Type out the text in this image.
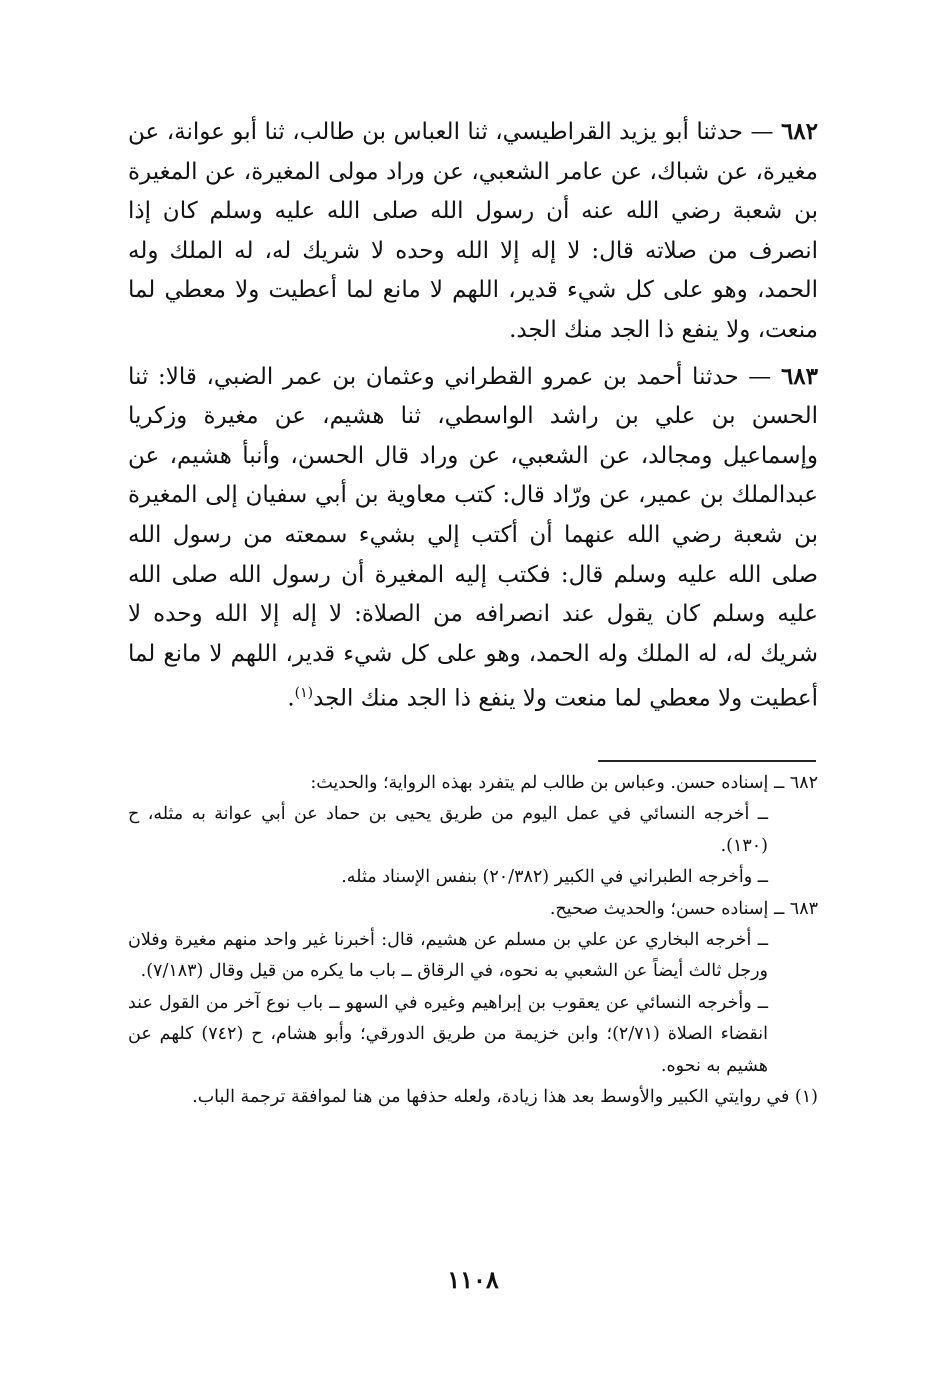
٦٨٢ — حدثنا أبو يزيد القراطيسي، ثنا العباس بن طالب، ثنا أبو عوانة، عن مغيرة، عن شباك، عن عامر الشعبي، عن وراد مولى المغيرة، عن المغيرة بن شعبة رضي الله عنه أن رسول الله صلى الله عليه وسلم كان إذا انصرف من صلاته قال: لا إله إلا الله وحده لا شريك له، له الملك وله الحمد، وهو على كل شيء قدير، اللهم لا مانع لما أعطيت ولا معطي لما منعت، ولا ينفع ذا الجد منك الجد.

٦٨٣ — حدثنا أحمد بن عمرو القطراني وعثمان بن عمر الضبي، قالا: ثنا الحسن بن علي بن راشد الواسطي، ثنا هشيم، عن مغيرة وزكريا وإسماعيل ومجالد، عن الشعبي، عن وراد قال الحسن، وأنبأ هشيم، عن عبدالملك بن عمير، عن ورّاد قال: كتب معاوية بن أبي سفيان إلى المغيرة بن شعبة رضي الله عنهما أن أكتب إلي بشيء سمعته من رسول الله صلى الله عليه وسلم قال: فكتب إليه المغيرة أن رسول الله صلى الله عليه وسلم كان يقول عند انصرافه من الصلاة: لا إله إلا الله وحده لا شريك له، له الملك وله الحمد، وهو على كل شيء قدير، اللهم لا مانع لما أعطيت ولا معطي لما منعت ولا ينفع ذا الجد منك الجد$^{(١)}$.

٦٨٢ ــ إسناده حسن. وعباس بن طالب لم يتفرد بهذه الرواية؛ والحديث:

ــ أخرجه النسائي في عمل اليوم من طريق يحيى بن حماد عن أبي عوانة به مثله، ح (١٣٠).

ــ وأخرجه الطبراني في الكبير (٢٠/٣٨٢) بنفس الإسناد مثله.

٦٨٣ ــ إسناده حسن؛ والحديث صحيح.

ــ أخرجه البخاري عن علي بن مسلم عن هشيم، قال: أخبرنا غير واحد منهم مغيرة وفلان ورجل ثالث أيضاً عن الشعبي به نحوه، في الرقاق ــ باب ما يكره من قيل وقال (٧/١٨٣).

ــ وأخرجه النسائي عن يعقوب بن إبراهيم وغيره في السهو ــ باب نوع آخر من القول عند انقضاء الصلاة (٢/٧١)؛ وابن خزيمة من طريق الدورقي؛ وأبو هشام، ح (٧٤٢) كلهم عن هشيم به نحوه.

(١) في روايتي الكبير والأوسط بعد هذا زيادة، ولعله حذفها من هنا لموافقة ترجمة الباب.

١١٠٨
